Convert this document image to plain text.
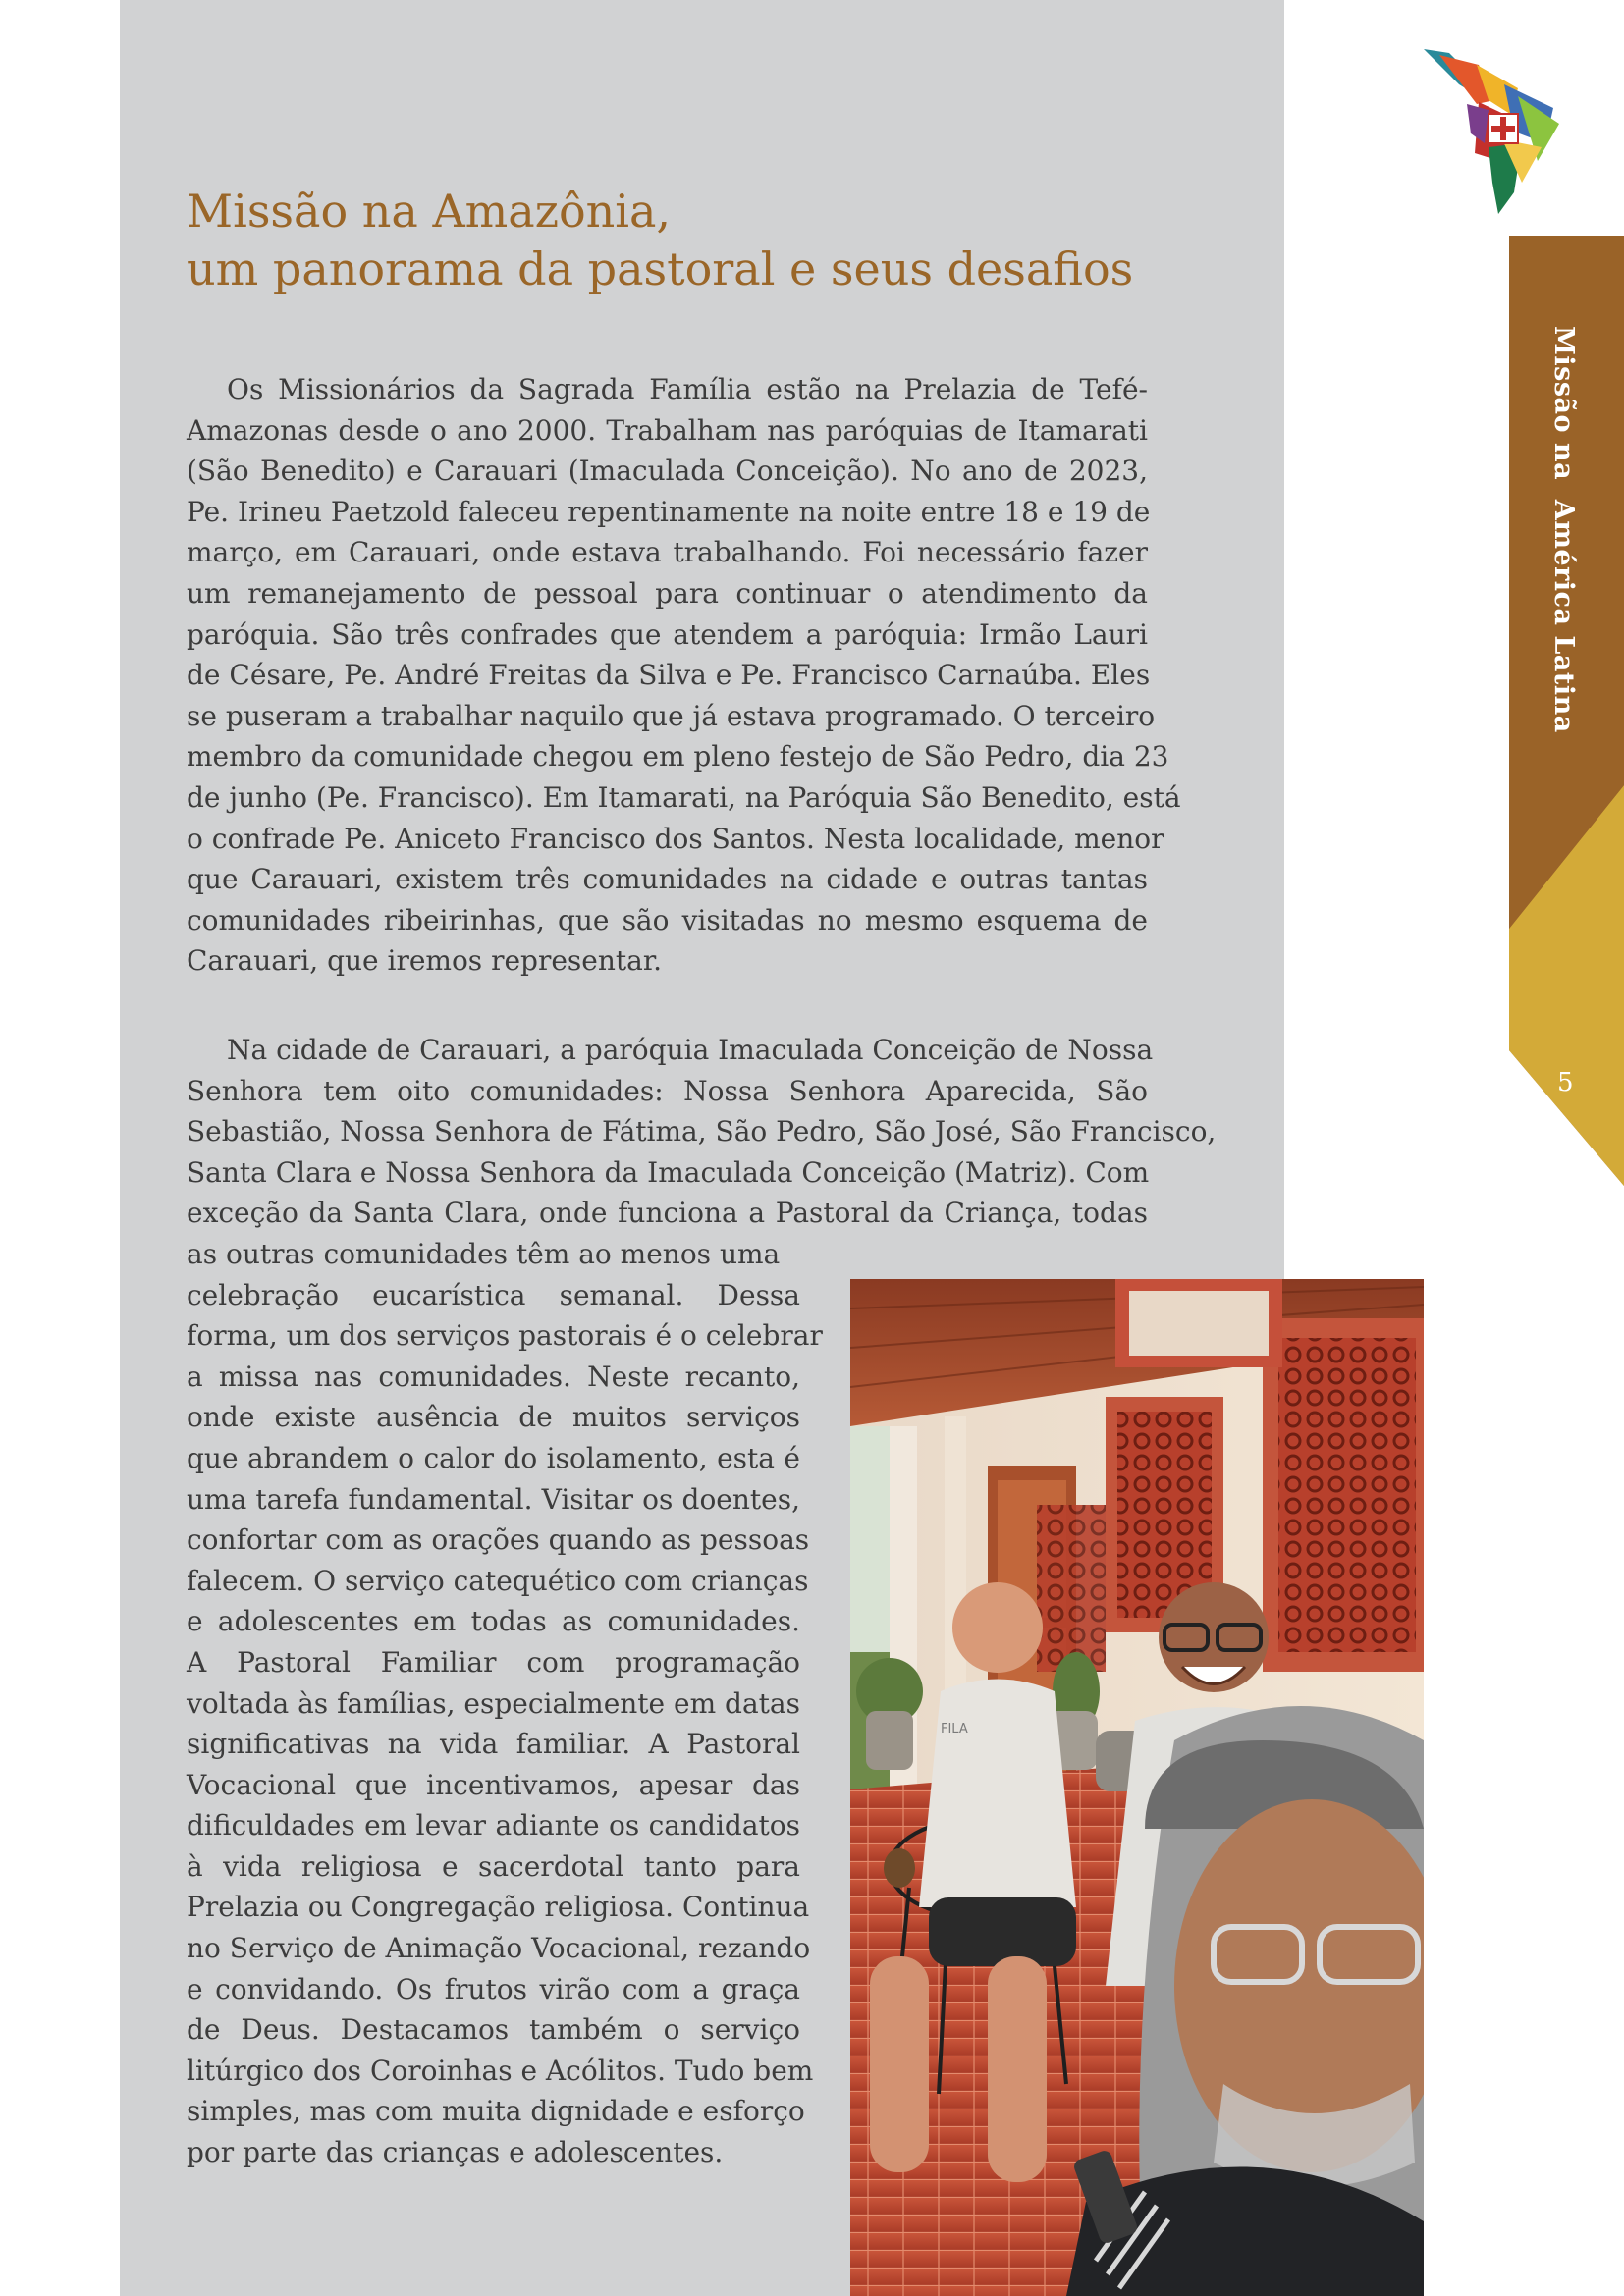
Missão na Amazônia,
um panorama da pastoral e seus desafios
Os Missionários da Sagrada Família estão na Prelazia de Tefé-
Amazonas desde o ano 2000. Trabalham nas paróquias de Itamarati
(São Benedito) e Carauari (Imaculada Conceição). No ano de 2023,
Pe. Irineu Paetzold faleceu repentinamente na noite entre 18 e 19 de
março, em Carauari, onde estava trabalhando. Foi necessário fazer
um remanejamento de pessoal para continuar o atendimento da
paróquia. São três confrades que atendem a paróquia: Irmão Lauri
de Césare, Pe. André Freitas da Silva e Pe. Francisco Carnaúba. Eles
se puseram a trabalhar naquilo que já estava programado. O terceiro
membro da comunidade chegou em pleno festejo de São Pedro, dia 23
de junho (Pe. Francisco). Em Itamarati, na Paróquia São Benedito, está
o confrade Pe. Aniceto Francisco dos Santos. Nesta localidade, menor
que Carauari, existem três comunidades na cidade e outras tantas
comunidades ribeirinhas, que são visitadas no mesmo esquema de
Carauari, que iremos representar.
Na cidade de Carauari, a paróquia Imaculada Conceição de Nossa
Senhora tem oito comunidades: Nossa Senhora Aparecida, São
Sebastião, Nossa Senhora de Fátima, São Pedro, São José, São Francisco,
Santa Clara e Nossa Senhora da Imaculada Conceição (Matriz). Com
exceção da Santa Clara, onde funciona a Pastoral da Criança, todas
as outras comunidades têm ao menos uma
celebração eucarística semanal. Dessa
forma, um dos serviços pastorais é o celebrar
a missa nas comunidades. Neste recanto,
onde existe ausência de muitos serviços
que abrandem o calor do isolamento, esta é
uma tarefa fundamental. Visitar os doentes,
confortar com as orações quando as pessoas
falecem. O serviço catequético com crianças
e adolescentes em todas as comunidades.
A Pastoral Familiar com programação
voltada às famílias, especialmente em datas
significativas na vida familiar. A Pastoral
Vocacional que incentivamos, apesar das
dificuldades em levar adiante os candidatos
à vida religiosa e sacerdotal tanto para
Prelazia ou Congregação religiosa. Continua
no Serviço de Animação Vocacional, rezando
e convidando. Os frutos virão com a graça
de Deus. Destacamos também o serviço
litúrgico dos Coroinhas e Acólitos. Tudo bem
simples, mas com muita dignidade e esforço
por parte das crianças e adolescentes.
FILA
Missão na  América Latina
5
